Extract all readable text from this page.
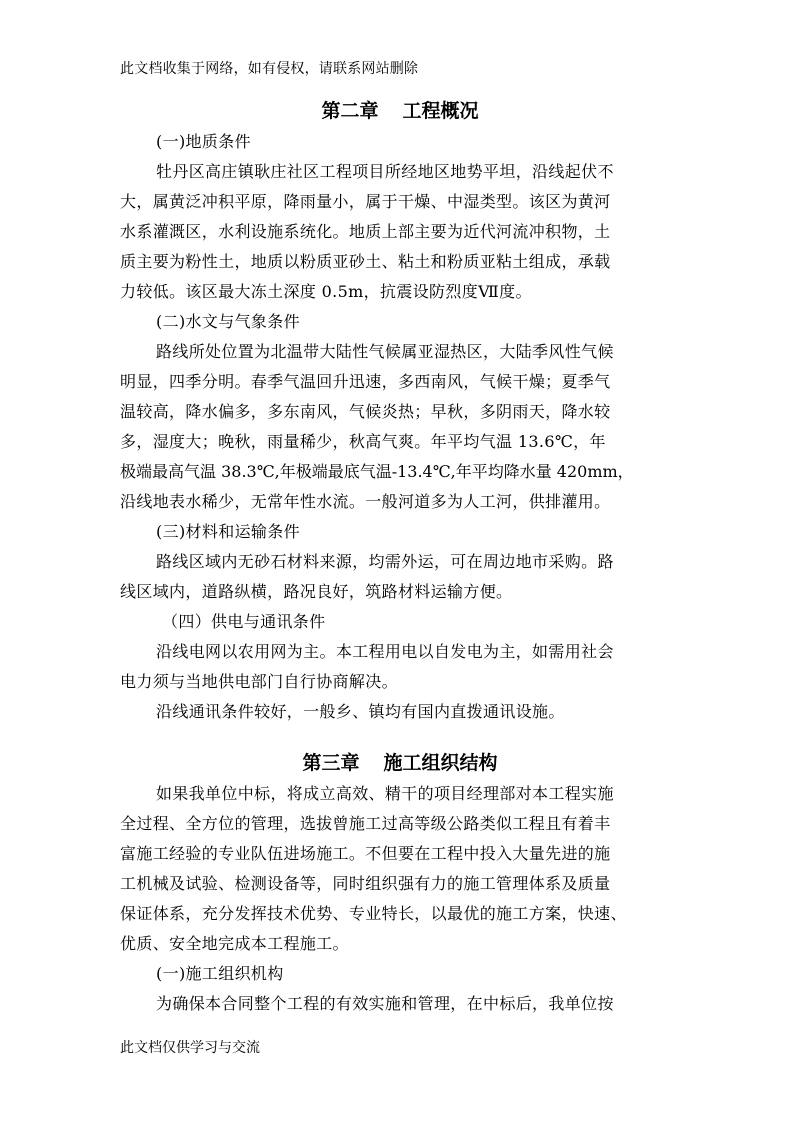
此文档收集于网络，如有侵权，请联系网站删除
第二章 工程概况

(一)地质条件

牡丹区高庄镇耿庄社区工程项目所经地区地势平坦，沿线起伏不

大，属黄泛冲积平原，降雨量小，属于干燥、中湿类型。该区为黄河

水系灌溉区，水利设施系统化。地质上部主要为近代河流冲积物，土

质主要为粉性土，地质以粉质亚砂土、粘土和粉质亚粘土组成，承载

力较低。该区最大冻土深度 0.5m，抗震设防烈度Ⅶ度。

(二)水文与气象条件

路线所处位置为北温带大陆性气候属亚湿热区，大陆季风性气候

明显，四季分明。春季气温回升迅速，多西南风，气候干燥；夏季气

温较高，降水偏多，多东南风，气候炎热；早秋，多阴雨天，降水较

多，湿度大；晚秋，雨量稀少，秋高气爽。年平均气温 13.6℃，年

极端最高气温 38.3℃,年极端最底气温-13.4℃,年平均降水量 420mm，

沿线地表水稀少，无常年性水流。一般河道多为人工河，供排灌用。

(三)材料和运输条件

路线区域内无砂石材料来源，均需外运，可在周边地市采购。路

线区域内，道路纵横，路况良好，筑路材料运输方便。

（四）供电与通讯条件

沿线电网以农用网为主。本工程用电以自发电为主，如需用社会

电力须与当地供电部门自行协商解决。

沿线通讯条件较好，一般乡、镇均有国内直拨通讯设施。

第三章 施工组织结构

如果我单位中标，将成立高效、精干的项目经理部对本工程实施

全过程、全方位的管理，选拔曾施工过高等级公路类似工程且有着丰

富施工经验的专业队伍进场施工。不但要在工程中投入大量先进的施

工机械及试验、检测设备等，同时组织强有力的施工管理体系及质量

保证体系，充分发挥技术优势、专业特长，以最优的施工方案，快速、

优质、安全地完成本工程施工。

(一)施工组织机构

为确保本合同整个工程的有效实施和管理，在中标后，我单位按

此文档仅供学习与交流
